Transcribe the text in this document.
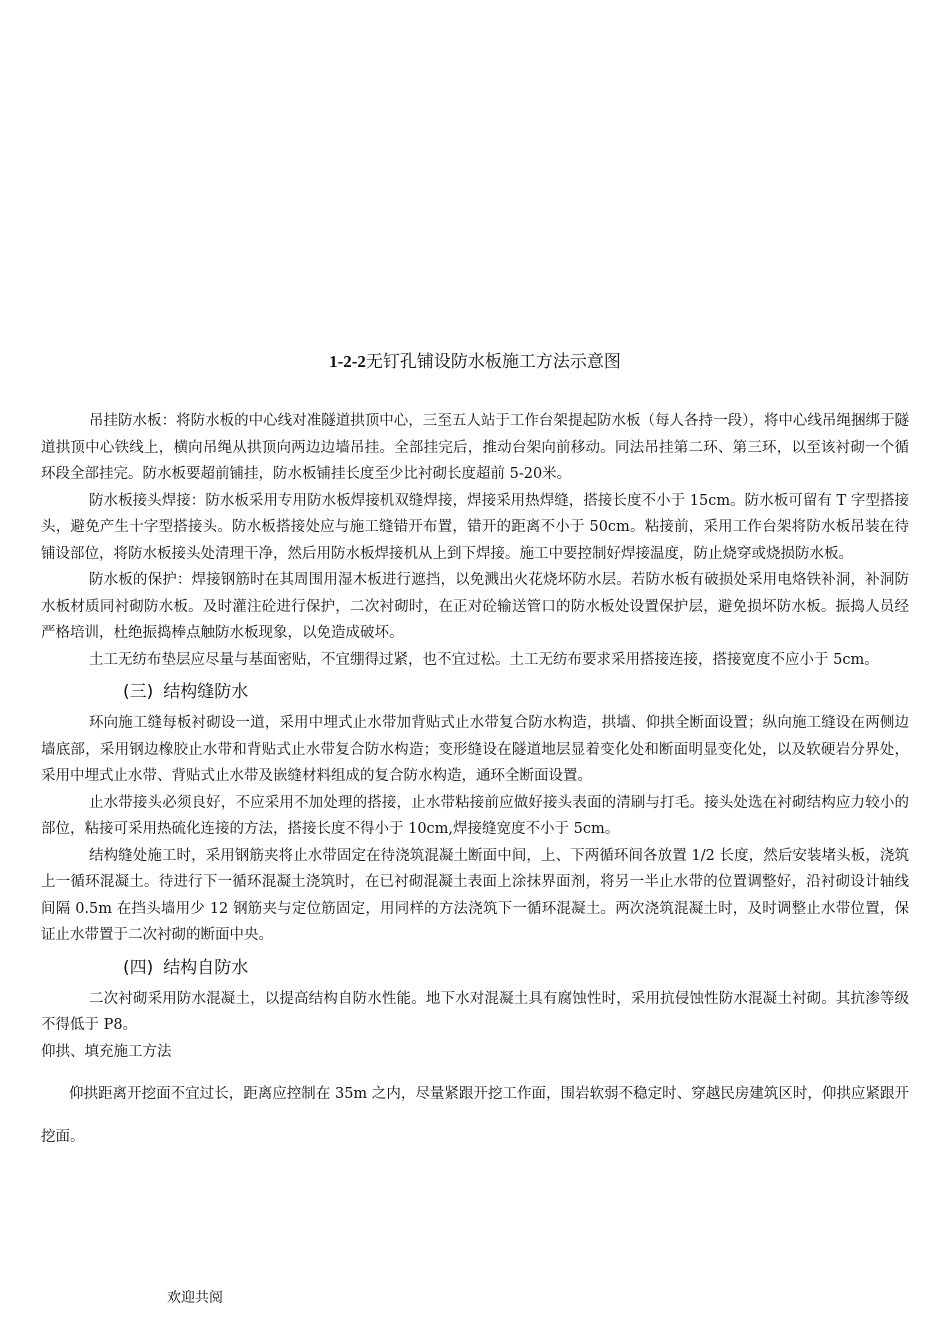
1-2-2无钉孔铺设防水板施工方法示意图

吊挂防水板：将防水板的中心线对准隧道拱顶中心，三至五人站于工作台架提起防水板（每人各持一段），将中心线吊绳捆绑于隧道拱顶中心铁线上，横向吊绳从拱顶向两边边墙吊挂。全部挂完后，推动台架向前移动。同法吊挂第二环、第三环，以至该衬砌一个循环段全部挂完。防水板要超前铺挂，防水板铺挂长度至少比衬砌长度超前 5-20米。

防水板接头焊接：防水板采用专用防水板焊接机双缝焊接，焊接采用热焊缝，搭接长度不小于 15cm。防水板可留有 T 字型搭接头，避免产生十字型搭接头。防水板搭接处应与施工缝错开布置，错开的距离不小于 50cm。粘接前，采用工作台架将防水板吊装在待铺设部位，将防水板接头处清理干净，然后用防水板焊接机从上到下焊接。施工中要控制好焊接温度，防止烧穿或烧损防水板。

防水板的保护：焊接钢筋时在其周围用湿木板进行遮挡，以免溅出火花烧坏防水层。若防水板有破损处采用电烙铁补洞，补洞防水板材质同衬砌防水板。及时灌注砼进行保护，二次衬砌时，在正对砼输送管口的防水板处设置保护层，避免损坏防水板。振捣人员经严格培训，杜绝振捣棒点触防水板现象，以免造成破坏。

土工无纺布垫层应尽量与基面密贴，不宜绷得过紧，也不宜过松。土工无纺布要求采用搭接连接，搭接宽度不应小于 5cm。

(三) 结构缝防水

环向施工缝每板衬砌设一道，采用中埋式止水带加背贴式止水带复合防水构造，拱墙、仰拱全断面设置；纵向施工缝设在两侧边墙底部，采用钢边橡胶止水带和背贴式止水带复合防水构造；变形缝设在隧道地层显着变化处和断面明显变化处，以及软硬岩分界处，采用中埋式止水带、背贴式止水带及嵌缝材料组成的复合防水构造，通环全断面设置。

止水带接头必须良好，不应采用不加处理的搭接，止水带粘接前应做好接头表面的清刷与打毛。接头处选在衬砌结构应力较小的部位，粘接可采用热硫化连接的方法，搭接长度不得小于 10cm,焊接缝宽度不小于 5cm。

结构缝处施工时，采用钢筋夹将止水带固定在待浇筑混凝土断面中间，上、下两循环间各放置 1/2 长度，然后安装堵头板，浇筑上一循环混凝土。待进行下一循环混凝土浇筑时，在已衬砌混凝土表面上涂抹界面剂，将另一半止水带的位置调整好，沿衬砌设计轴线间隔 0.5m 在挡头墙用少 12 钢筋夹与定位筋固定，用同样的方法浇筑下一循环混凝土。两次浇筑混凝土时，及时调整止水带位置，保证止水带置于二次衬砌的断面中央。

(四) 结构自防水

二次衬砌采用防水混凝土，以提高结构自防水性能。地下水对混凝土具有腐蚀性时，采用抗侵蚀性防水混凝土衬砌。其抗渗等级不得低于 P8。

仰拱、填充施工方法

仰拱距离开挖面不宜过长，距离应控制在 35m 之内，尽量紧跟开挖工作面，围岩软弱不稳定时、穿越民房建筑区时，仰拱应紧跟开挖面。

欢迎共阅
